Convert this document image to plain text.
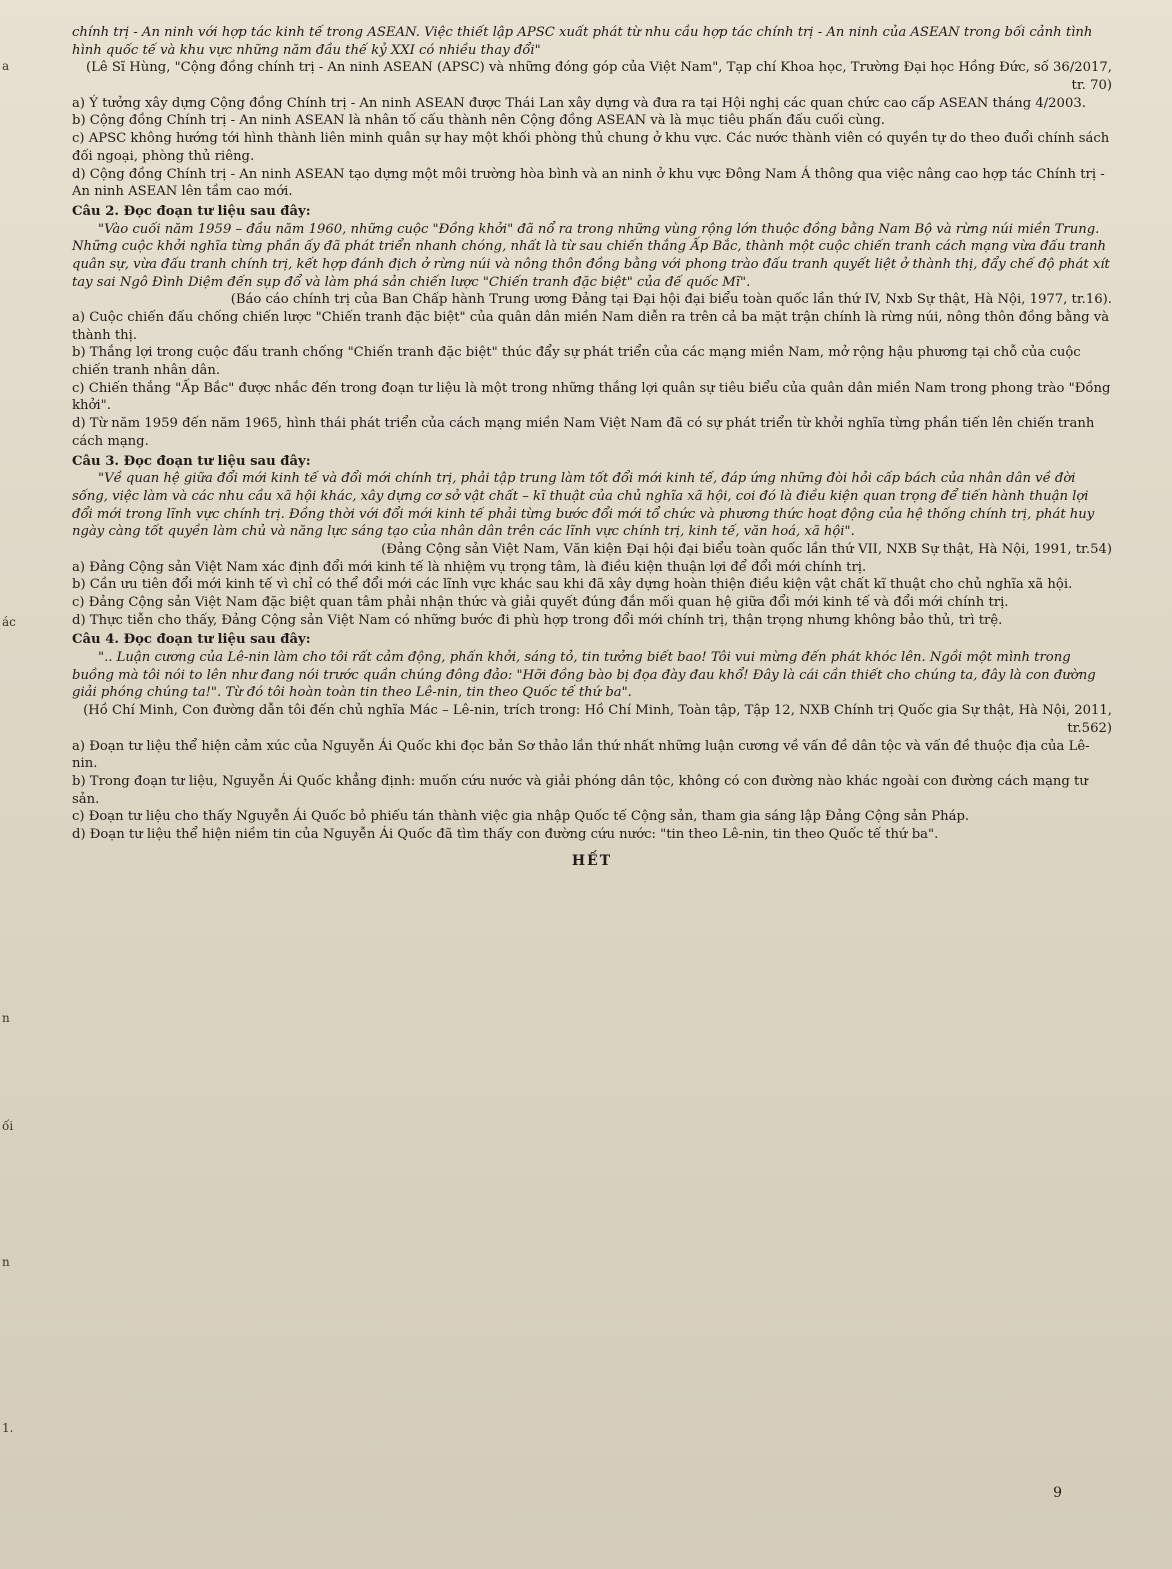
a
ác
n
ối
n
1.

chính trị - An ninh với hợp tác kinh tế trong ASEAN. Việc thiết lập APSC xuất phát từ nhu cầu hợp tác chính trị - An ninh của ASEAN trong bối cảnh tình hình quốc tế và khu vực những năm đầu thế kỷ XXI có nhiều thay đổi"

(Lê Sĩ Hùng, "Cộng đồng chính trị - An ninh ASEAN (APSC) và những đóng góp của Việt Nam", Tạp chí Khoa học, Trường Đại học Hồng Đức, số 36/2017, tr. 70)

a) Ý tưởng xây dựng Cộng đồng Chính trị - An ninh ASEAN được Thái Lan xây dựng và đưa ra tại Hội nghị các quan chức cao cấp ASEAN tháng 4/2003.

b) Cộng đồng Chính trị - An ninh ASEAN là nhân tố cấu thành nên Cộng đồng ASEAN và là mục tiêu phấn đấu cuối cùng.

c) APSC không hướng tới hình thành liên minh quân sự hay một khối phòng thủ chung ở khu vực. Các nước thành viên có quyền tự do theo đuổi chính sách đối ngoại, phòng thủ riêng.

d) Cộng đồng Chính trị - An ninh ASEAN tạo dựng một môi trường hòa bình và an ninh ở khu vực Đông Nam Á thông qua việc nâng cao hợp tác Chính trị - An ninh ASEAN lên tầm cao mới.

Câu 2. Đọc đoạn tư liệu sau đây:

"Vào cuối năm 1959 – đầu năm 1960, những cuộc "Đồng khởi" đã nổ ra trong những vùng rộng lớn thuộc đồng bằng Nam Bộ và rừng núi miền Trung. Những cuộc khởi nghĩa từng phần ấy đã phát triển nhanh chóng, nhất là từ sau chiến thắng Ấp Bắc, thành một cuộc chiến tranh cách mạng vừa đấu tranh quân sự, vừa đấu tranh chính trị, kết hợp đánh địch ở rừng núi và nông thôn đồng bằng với phong trào đấu tranh quyết liệt ở thành thị, đẩy chế độ phát xít tay sai Ngô Đình Diệm đến sụp đổ và làm phá sản chiến lược "Chiến tranh đặc biệt" của đế quốc Mĩ".

(Báo cáo chính trị của Ban Chấp hành Trung ương Đảng tại Đại hội đại biểu toàn quốc lần thứ IV, Nxb Sự thật, Hà Nội, 1977, tr.16).

a) Cuộc chiến đấu chống chiến lược "Chiến tranh đặc biệt" của quân dân miền Nam diễn ra trên cả ba mặt trận chính là rừng núi, nông thôn đồng bằng và thành thị.

b) Thắng lợi trong cuộc đấu tranh chống "Chiến tranh đặc biệt" thúc đẩy sự phát triển của các mạng miền Nam, mở rộng hậu phương tại chỗ của cuộc chiến tranh nhân dân.

c) Chiến thắng "Ấp Bắc" được nhắc đến trong đoạn tư liệu là một trong những thắng lợi quân sự tiêu biểu của quân dân miền Nam trong phong trào "Đồng khởi".

d) Từ năm 1959 đến năm 1965, hình thái phát triển của cách mạng miền Nam Việt Nam đã có sự phát triển từ khởi nghĩa từng phần tiến lên chiến tranh cách mạng.

Câu 3. Đọc đoạn tư liệu sau đây:

"Về quan hệ giữa đổi mới kinh tế và đổi mới chính trị, phải tập trung làm tốt đổi mới kinh tế, đáp ứng những đòi hỏi cấp bách của nhân dân về đời sống, việc làm và các nhu cầu xã hội khác, xây dựng cơ sở vật chất – kĩ thuật của chủ nghĩa xã hội, coi đó là điều kiện quan trọng để tiến hành thuận lợi đổi mới trong lĩnh vực chính trị. Đồng thời với đổi mới kinh tế phải từng bước đổi mới tổ chức và phương thức hoạt động của hệ thống chính trị, phát huy ngày càng tốt quyền làm chủ và năng lực sáng tạo của nhân dân trên các lĩnh vực chính trị, kinh tế, văn hoá, xã hội".

(Đảng Cộng sản Việt Nam, Văn kiện Đại hội đại biểu toàn quốc lần thứ VII, NXB Sự thật, Hà Nội, 1991, tr.54)

a) Đảng Cộng sản Việt Nam xác định đổi mới kinh tế là nhiệm vụ trọng tâm, là điều kiện thuận lợi để đổi mới chính trị.

b) Cần ưu tiên đổi mới kinh tế vì chỉ có thể đổi mới các lĩnh vực khác sau khi đã xây dựng hoàn thiện điều kiện vật chất kĩ thuật cho chủ nghĩa xã hội.

c) Đảng Cộng sản Việt Nam đặc biệt quan tâm phải nhận thức và giải quyết đúng đắn mối quan hệ giữa đổi mới kinh tế và đổi mới chính trị.

d) Thực tiễn cho thấy, Đảng Cộng sản Việt Nam có những bước đi phù hợp trong đổi mới chính trị, thận trọng nhưng không bảo thủ, trì trệ.

Câu 4. Đọc đoạn tư liệu sau đây:

".. Luận cương của Lê-nin làm cho tôi rất cảm động, phấn khởi, sáng tỏ, tin tưởng biết bao! Tôi vui mừng đến phát khóc lên. Ngồi một mình trong buồng mà tôi nói to lên như đang nói trước quần chúng đông đảo: "Hỡi đồng bào bị đọa đày đau khổ! Đây là cái cần thiết cho chúng ta, đây là con đường giải phóng chúng ta!". Từ đó tôi hoàn toàn tin theo Lê-nin, tin theo Quốc tế thứ ba".

(Hồ Chí Minh, Con đường dẫn tôi đến chủ nghĩa Mác – Lê-nin, trích trong: Hồ Chí Minh, Toàn tập, Tập 12, NXB Chính trị Quốc gia Sự thật, Hà Nội, 2011, tr.562)

a) Đoạn tư liệu thể hiện cảm xúc của Nguyễn Ái Quốc khi đọc bản Sơ thảo lần thứ nhất những luận cương về vấn đề dân tộc và vấn đề thuộc địa của Lê-nin.

b) Trong đoạn tư liệu, Nguyễn Ái Quốc khẳng định: muốn cứu nước và giải phóng dân tộc, không có con đường nào khác ngoài con đường cách mạng tư sản.

c) Đoạn tư liệu cho thấy Nguyễn Ái Quốc bỏ phiếu tán thành việc gia nhập Quốc tế Cộng sản, tham gia sáng lập Đảng Cộng sản Pháp.

d) Đoạn tư liệu thể hiện niềm tin của Nguyễn Ái Quốc đã tìm thấy con đường cứu nước: "tin theo Lê-nin, tin theo Quốc tế thứ ba".

HẾT

9
